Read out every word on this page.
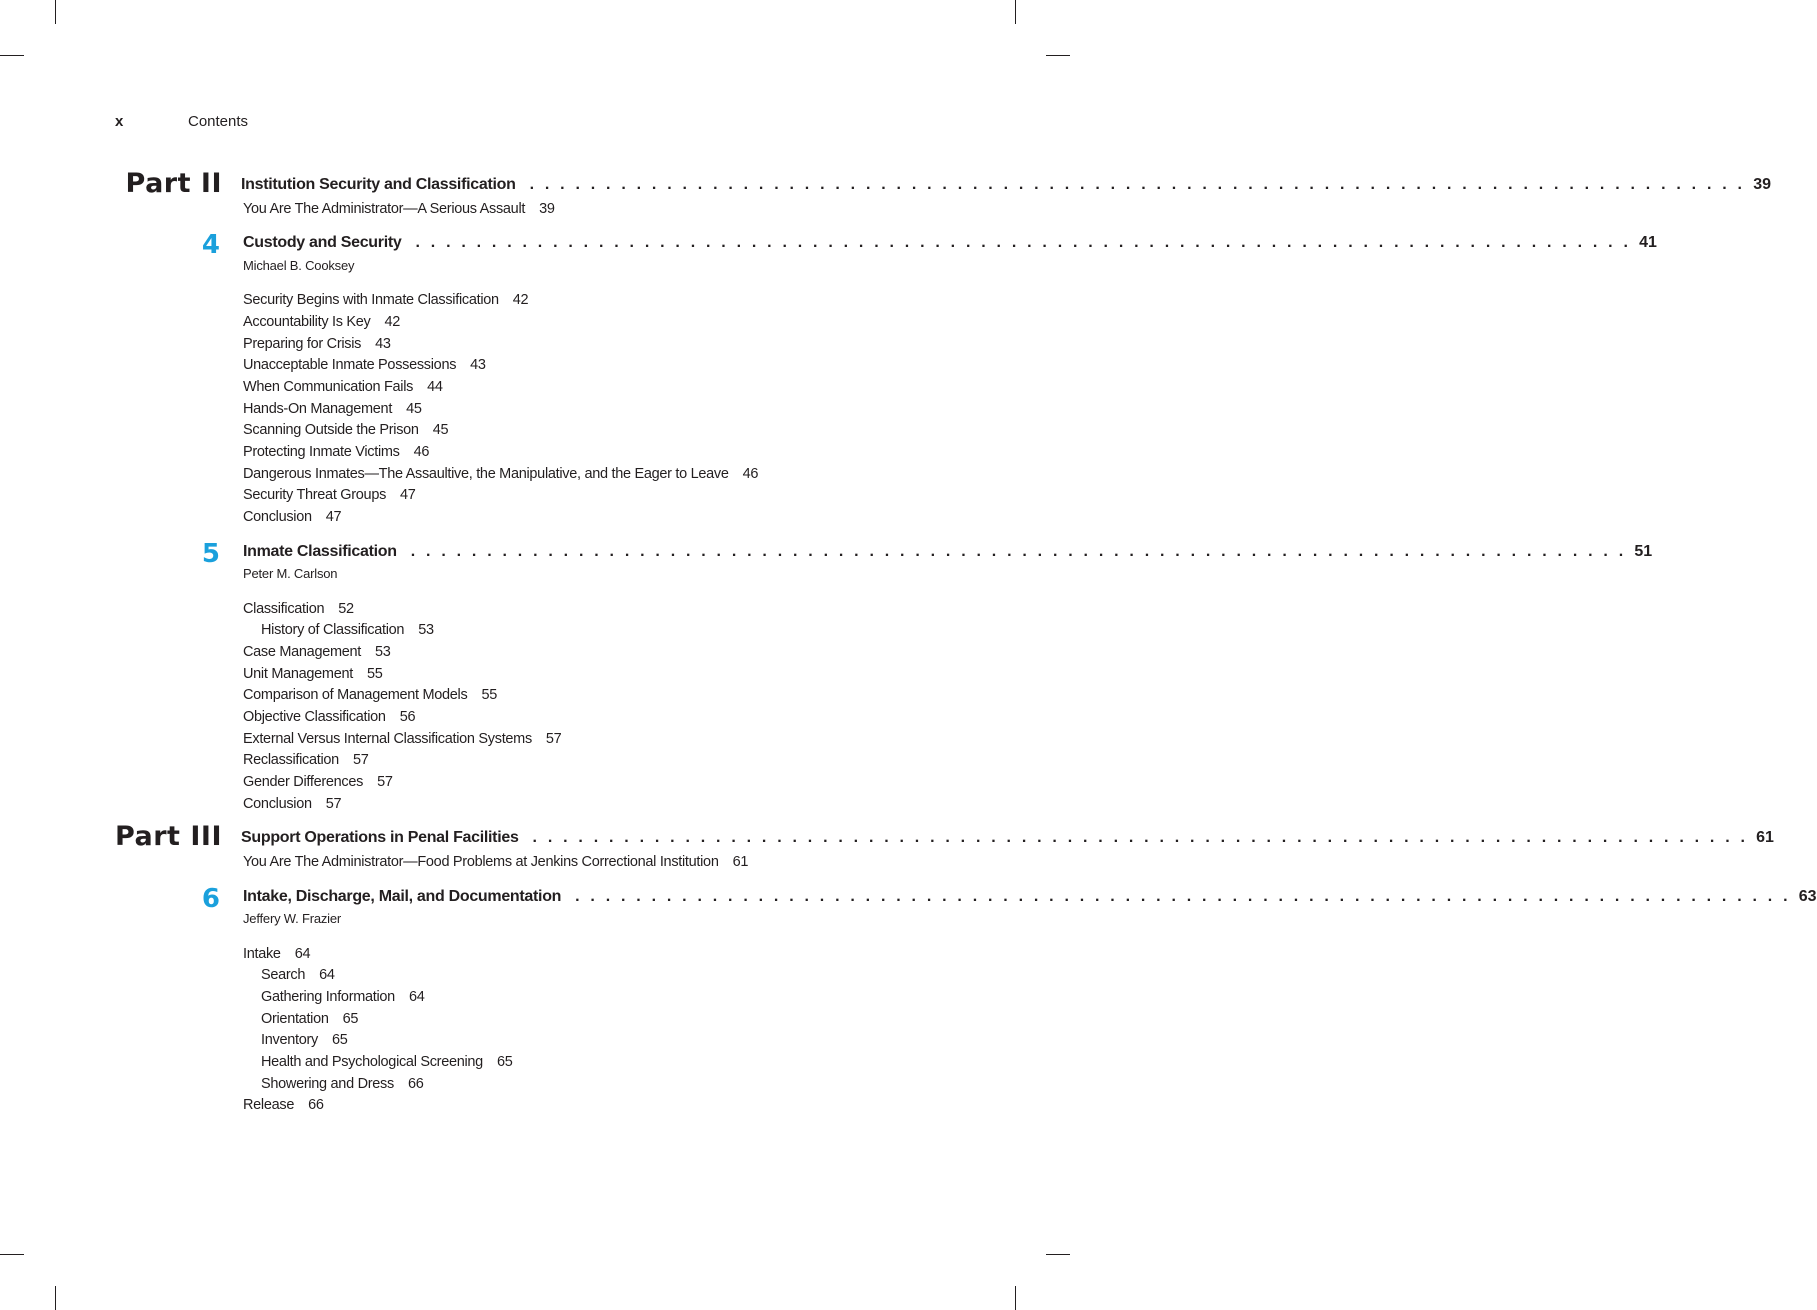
x	Contents
Part II Institution Security and Classification . . . . . . . . . . . . . . . . . . . . . . . . . . . . . . . . . . . . . . . . . . . . . . . . . . . . . . . . . . . . . . . . . . . . . . . . . . . . . . . . 39
You Are The Administrator—A Serious Assault 39
4 Custody and Security . . . . . . . . . . . . . . . . . . . . . . . . . . . . . . . . . . . . . . . . . . . . . . . . . . . . . . . . . . . . . . . . . . . . . . . . . . . . . . . . 41
Michael B. Cooksey
Security Begins with Inmate Classification 42
Accountability Is Key 42
Preparing for Crisis 43
Unacceptable Inmate Possessions 43
When Communication Fails 44
Hands-On Management 45
Scanning Outside the Prison 45
Protecting Inmate Victims 46
Dangerous Inmates—The Assaultive, the Manipulative, and the Eager to Leave 46
Security Threat Groups 47
Conclusion 47
5 Inmate Classification . . . . . . . . . . . . . . . . . . . . . . . . . . . . . . . . . . . . . . . . . . . . . . . . . . . . . . . . . . . . . . . . . . . . . . . . . . . . . . . . 51
Peter M. Carlson
Classification 52
History of Classification 53
Case Management 53
Unit Management 55
Comparison of Management Models 55
Objective Classification 56
External Versus Internal Classification Systems 57
Reclassification 57
Gender Differences 57
Conclusion 57
Part III Support Operations in Penal Facilities . . . . . . . . . . . . . . . . . . . . . . . . . . . . . . . . . . . . . . . . . . . . . . . . . . . . . . . . . . . . . . . . . . . . . . . . . . . . . . . . 61
You Are The Administrator—Food Problems at Jenkins Correctional Institution 61
6 Intake, Discharge, Mail, and Documentation . . . . . . . . . . . . . . . . . . . . . . . . . . . . . . . . . . . . . . . . . . . . . . . . . . . . . . . . . . . . . . . . . . . . . . . . . . . . . . . . 63
Jeffery W. Frazier
Intake 64
Search 64
Gathering Information 64
Orientation 65
Inventory 65
Health and Psychological Screening 65
Showering and Dress 66
Release 66
